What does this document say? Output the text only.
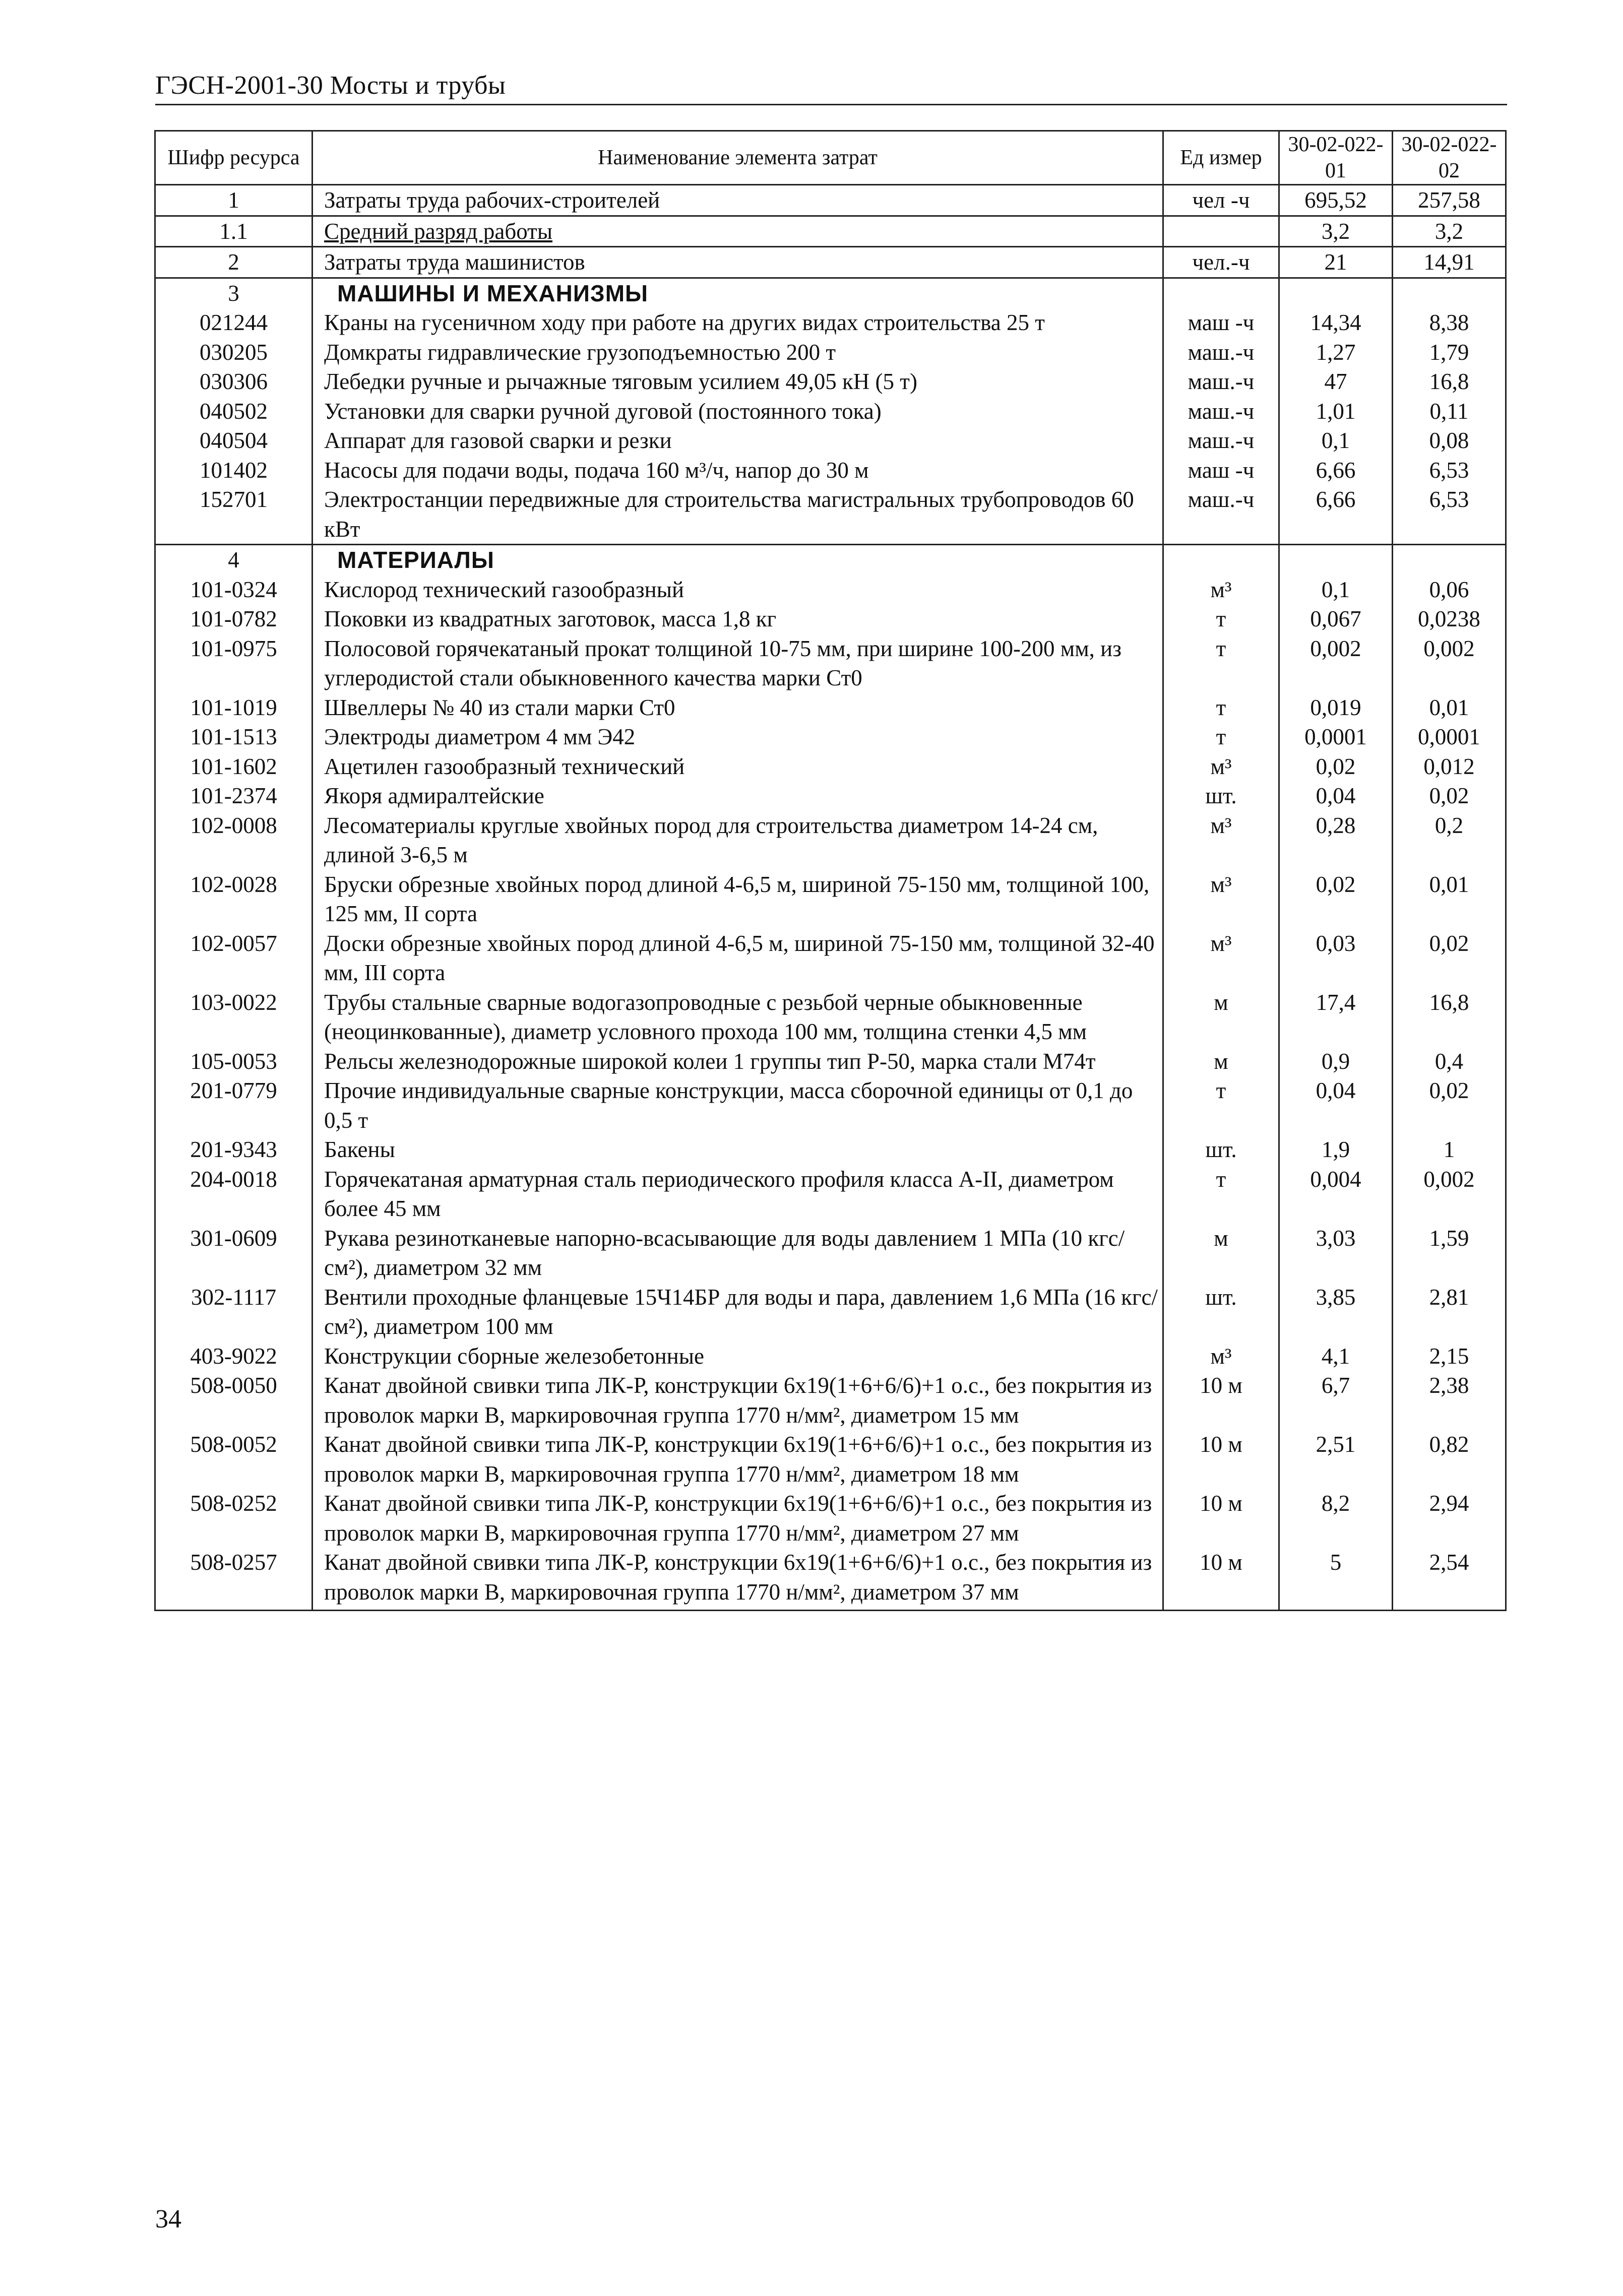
ГЭСН-2001-30 Мосты и трубы
Шифр ресурса	Наименование элемента затрат	Ед измер	30-02-022-01	30-02-022-02
1	Затраты труда рабочих-строителей	чел -ч	695,52	257,58
1.1	Средний разряд работы		3,2	3,2
2	Затраты труда машинистов	чел.-ч	21	14,91
3	МАШИНЫ И МЕХАНИЗМЫ			
021244	Краны на гусеничном ходу при работе на других видах строительства 25 т	маш -ч	14,34	8,38
030205	Домкраты гидравлические грузоподъемностью 200 т	маш.-ч	1,27	1,79
030306	Лебедки ручные и рычажные тяговым усилием 49,05 кН (5 т)	маш.-ч	47	16,8
040502	Установки для сварки ручной дуговой (постоянного тока)	маш.-ч	1,01	0,11
040504	Аппарат для газовой сварки и резки	маш.-ч	0,1	0,08
101402	Насосы для подачи воды, подача 160 м³/ч, напор до 30 м	маш -ч	6,66	6,53
152701	Электростанции передвижные для строительства магистральных трубопроводов 60 кВт	маш.-ч	6,66	6,53
4	МАТЕРИАЛЫ			
101-0324	Кислород технический газообразный	м³	0,1	0,06
101-0782	Поковки из квадратных заготовок, масса 1,8 кг	т	0,067	0,0238
101-0975	Полосовой горячекатаный прокат толщиной 10-75 мм, при ширине 100-200 мм, из углеродистой стали обыкновенного качества марки Ст0	т	0,002	0,002
101-1019	Швеллеры № 40 из стали марки Ст0	т	0,019	0,01
101-1513	Электроды диаметром 4 мм Э42	т	0,0001	0,0001
101-1602	Ацетилен газообразный технический	м³	0,02	0,012
101-2374	Якоря адмиралтейские	шт.	0,04	0,02
102-0008	Лесоматериалы круглые хвойных пород для строительства диаметром 14-24 см, длиной 3-6,5 м	м³	0,28	0,2
102-0028	Бруски обрезные хвойных пород длиной 4-6,5 м, шириной 75-150 мм, толщиной 100, 125 мм, II сорта	м³	0,02	0,01
102-0057	Доски обрезные хвойных пород длиной 4-6,5 м, шириной 75-150 мм, толщиной 32-40 мм, III сорта	м³	0,03	0,02
103-0022	Трубы стальные сварные водогазопроводные с резьбой черные обыкновенные (неоцинкованные), диаметр условного прохода 100 мм, толщина стенки 4,5 мм	м	17,4	16,8
105-0053	Рельсы железнодорожные широкой колеи 1 группы тип Р-50, марка стали М74т	м	0,9	0,4
201-0779	Прочие индивидуальные сварные конструкции, масса сборочной единицы от 0,1 до 0,5 т	т	0,04	0,02
201-9343	Бакены	шт.	1,9	1
204-0018	Горячекатаная арматурная сталь периодического профиля класса А-II, диаметром более 45 мм	т	0,004	0,002
301-0609	Рукава резинотканевые напорно-всасывающие для воды давлением 1 МПа (10 кгс/см²), диаметром 32 мм	м	3,03	1,59
302-1117	Вентили проходные фланцевые 15Ч14БР для воды и пара, давлением 1,6 МПа (16 кгс/см²), диаметром 100 мм	шт.	3,85	2,81
403-9022	Конструкции сборные железобетонные	м³	4,1	2,15
508-0050	Канат двойной свивки типа ЛК-Р, конструкции 6х19(1+6+6/6)+1 о.с., без покрытия из проволок марки В, маркировочная группа 1770 н/мм², диаметром 15 мм	10 м	6,7	2,38
508-0052	Канат двойной свивки типа ЛК-Р, конструкции 6х19(1+6+6/6)+1 о.с., без покрытия из проволок марки В, маркировочная группа 1770 н/мм², диаметром 18 мм	10 м	2,51	0,82
508-0252	Канат двойной свивки типа ЛК-Р, конструкции 6х19(1+6+6/6)+1 о.с., без покрытия из проволок марки В, маркировочная группа 1770 н/мм², диаметром 27 мм	10 м	8,2	2,94
508-0257	Канат двойной свивки типа ЛК-Р, конструкции 6х19(1+6+6/6)+1 о.с., без покрытия из проволок марки В, маркировочная группа 1770 н/мм², диаметром 37 мм	10 м	5	2,54
34
